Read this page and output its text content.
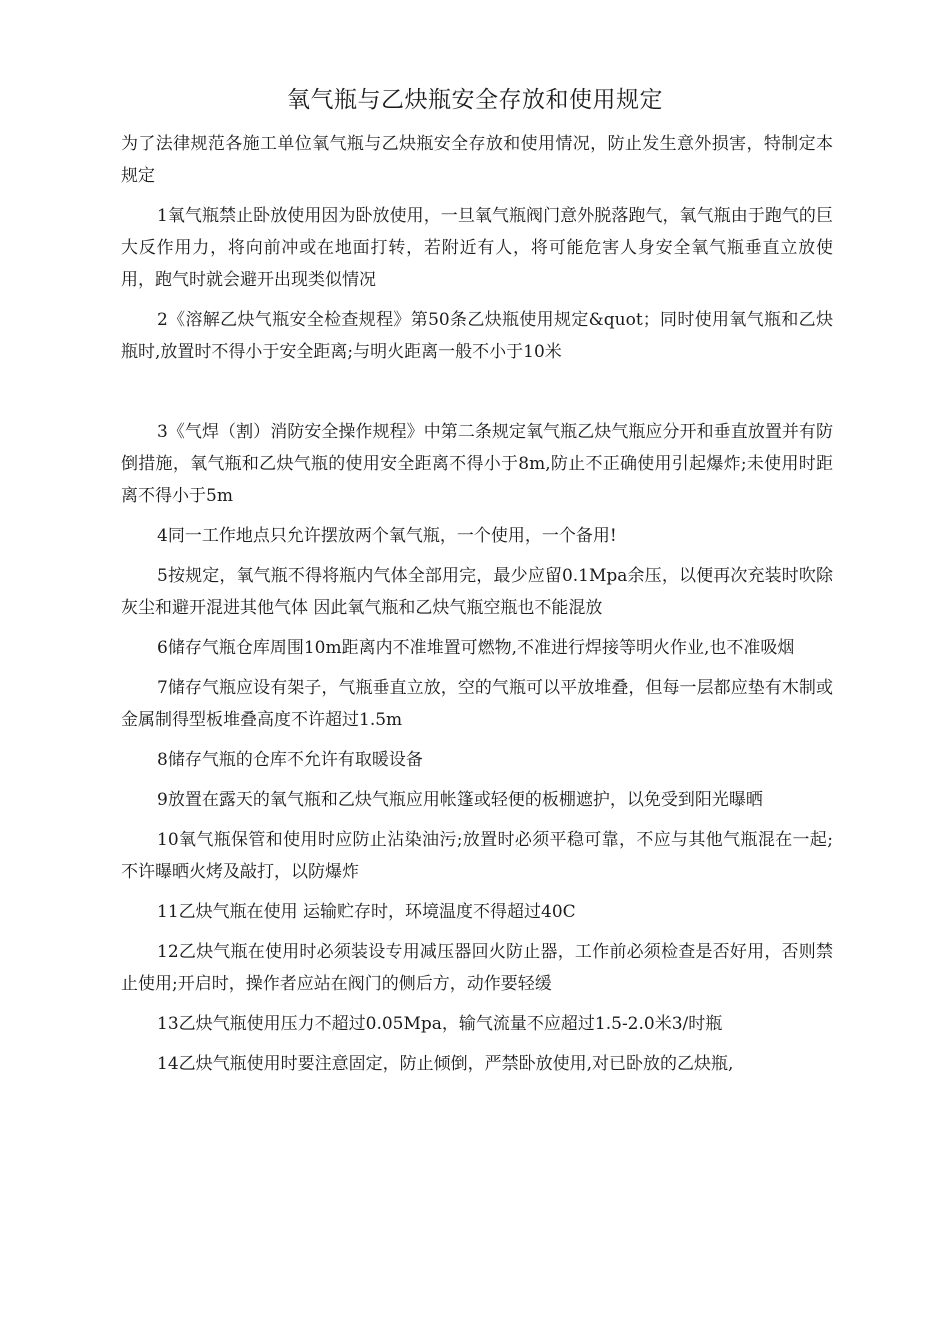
氧气瓶与乙炔瓶安全存放和使用规定

为了法律规范各施工单位氧气瓶与乙炔瓶安全存放和使用情况，防止发生意外损害，特制定本规定

1氧气瓶禁止卧放使用因为卧放使用，一旦氧气瓶阀门意外脱落跑气，氧气瓶由于跑气的巨大反作用力，将向前冲或在地面打转，若附近有人，将可能危害人身安全氧气瓶垂直立放使用，跑气时就会避开出现类似情况

2《溶解乙炔气瓶安全检查规程》第50条乙炔瓶使用规定&quot；同时使用氧气瓶和乙炔瓶时,放置时不得小于安全距离;与明火距离一般不小于10米

3《气焊（割）消防安全操作规程》中第二条规定氧气瓶乙炔气瓶应分开和垂直放置并有防倒措施，氧气瓶和乙炔气瓶的使用安全距离不得小于8m,防止不正确使用引起爆炸;未使用时距离不得小于5m

4同一工作地点只允许摆放两个氧气瓶，一个使用，一个备用!

5按规定，氧气瓶不得将瓶内气体全部用完，最少应留0.1Mpa余压，以便再次充装时吹除灰尘和避开混进其他气体 因此氧气瓶和乙炔气瓶空瓶也不能混放

6储存气瓶仓库周围10m距离内不准堆置可燃物,不准进行焊接等明火作业,也不准吸烟

7储存气瓶应设有架子，气瓶垂直立放，空的气瓶可以平放堆叠，但每一层都应垫有木制或金属制得型板堆叠高度不许超过1.5m

8储存气瓶的仓库不允许有取暖设备

9放置在露天的氧气瓶和乙炔气瓶应用帐篷或轻便的板棚遮护，以免受到阳光曝晒

10氧气瓶保管和使用时应防止沾染油污;放置时必须平稳可靠，不应与其他气瓶混在一起;不许曝晒火烤及敲打，以防爆炸

11乙炔气瓶在使用 运输贮存时，环境温度不得超过40C

12乙炔气瓶在使用时必须装设专用减压器回火防止器，工作前必须检查是否好用，否则禁止使用;开启时，操作者应站在阀门的侧后方，动作要轻缓

13乙炔气瓶使用压力不超过0.05Mpa，输气流量不应超过1.5-2.0米3/时瓶

14乙炔气瓶使用时要注意固定，防止倾倒，严禁卧放使用,对已卧放的乙炔瓶,
